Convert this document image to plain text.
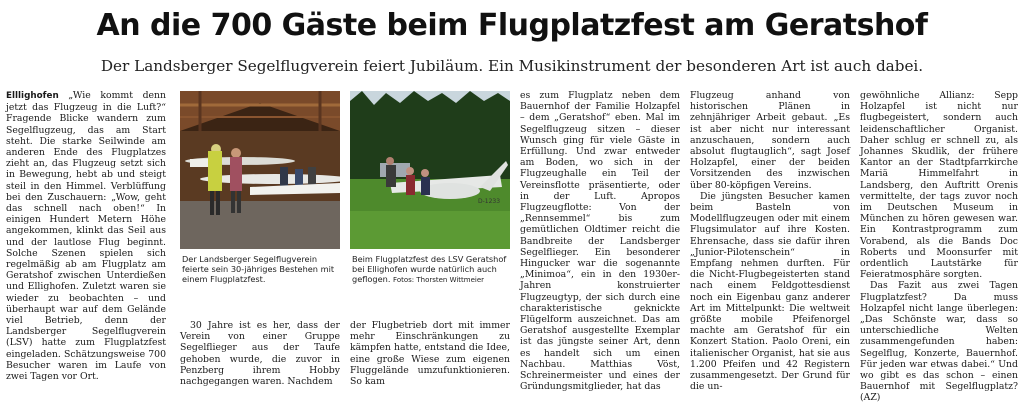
An die 700 Gäste beim Flugplatzfest am Geratshof
Der Landsberger Segelflugverein feiert Jubiläum. Ein Musikinstrument der besonderen Art ist auch dabei.

Elllighofen „Wie kommt denn jetzt das Flugzeug in die Luft?“ Fragende Blicke wandern zum Segelflugzeug, das am Start steht. Die starke Seilwinde am anderen Ende des Flugplatzes zieht an, das Flugzeug setzt sich in Bewegung, hebt ab und steigt steil in den Himmel. Verblüffung bei den Zuschauern: „Wow, geht das schnell nach oben!“ In einigen Hundert Metern Höhe angekommen, klinkt das Seil aus und der lautlose Flug beginnt. Solche Szenen spielen sich regelmäßig ab am Flugplatz am Geratshof zwischen Unterdießen und Ellighofen. Zuletzt waren sie wieder zu beobachten – und überhaupt war auf dem Gelände viel Betrieb, denn der Landsberger Segelflugverein (LSV) hatte zum Flugplatzfest eingeladen. Schätzungsweise 700 Besucher waren im Laufe von zwei Tagen vor Ort.

Der Landsberger Segelflugverein feierte sein 30-jähriges Bestehen mit einem Flugplatzfest.
D-1233
Beim Flugplatzfest des LSV Geratshof bei Ellighofen wurde natürlich auch geflogen. Fotos: Thorsten Wittmeier

30 Jahre ist es her, dass der Verein von einer Gruppe Segelflieger aus der Taufe gehoben wurde, die zuvor in Penzberg ihrem Hobby nachgegangen waren. Nachdem

der Flugbetrieb dort mit immer mehr Einschränkungen zu kämpfen hatte, entstand die Idee, eine große Wiese zum eigenen Fluggelände umzufunktionieren. So kam

es zum Flugplatz neben dem Bauernhof der Familie Holzapfel – dem „Geratshof“ eben. Mal im Segelflugzeug sitzen – dieser Wunsch ging für viele Gäste in Erfüllung. Und zwar entweder am Boden, wo sich in der Flugzeughalle ein Teil der Vereinsflotte präsentierte, oder in der Luft. Apropos Flugzeugflotte: Von der „Rennsemmel“ bis zum gemütlichen Oldtimer reicht die Bandbreite der Landsberger Segelflieger. Ein besonderer Hingucker war die sogenannte „Minimoa“, ein in den 1930er-Jahren konstruierter Flugzeugtyp, der sich durch eine charakteristische geknickte Flügelform auszeichnet. Das am Geratshof ausgestellte Exemplar ist das jüngste seiner Art, denn es handelt sich um einen Nachbau. Matthias Vöst, Schreinermeister und eines der Gründungsmitglieder, hat das

Flugzeug anhand von historischen Plänen in zehnjähriger Arbeit gebaut. „Es ist aber nicht nur interessant anzuschauen, sondern auch absolut flugtauglich“, sagt Josef Holzapfel, einer der beiden Vorsitzenden des inzwischen über 80-köpfigen Vereins.

Die jüngsten Besucher kamen beim Basteln von Modellflugzeugen oder mit einem Flugsimulator auf ihre Kosten. Ehrensache, dass sie dafür ihren „Junior-Pilotenschein“ in Empfang nehmen durften. Für die Nicht-Flugbegeisterten stand nach einem Feldgottesdienst noch ein Eigenbau ganz anderer Art im Mittelpunkt: Die weltweit größte mobile Pfeifenorgel machte am Geratshof für ein Konzert Station. Paolo Oreni, ein italienischer Organist, hat sie aus 1.200 Pfeifen und 42 Registern zusammengesetzt. Der Grund für die un-

gewöhnliche Allianz: Sepp Holzapfel ist nicht nur flugbegeistert, sondern auch leidenschaftlicher Organist. Daher schlug er schnell zu, als Johannes Skudlik, der frühere Kantor an der Stadtpfarrkirche Mariä Himmelfahrt in Landsberg, den Auftritt Orenis vermittelte, der tags zuvor noch im Deutschen Museum in München zu hören gewesen war. Ein Kontrastprogramm zum Vorabend, als die Bands Doc Roberts und Moonsurfer mit ordentlich Lautstärke für Feieratmosphäre sorgten.

Das Fazit aus zwei Tagen Flugplatzfest? Da muss Holzapfel nicht lange überlegen: „Das Schönste war, dass so unterschiedliche Welten zusammengefunden haben: Segelflug, Konzerte, Bauernhof. Für jeden war etwas dabei.“ Und wo gibt es das schon – einen Bauernhof mit Segelflugplatz? (AZ)
